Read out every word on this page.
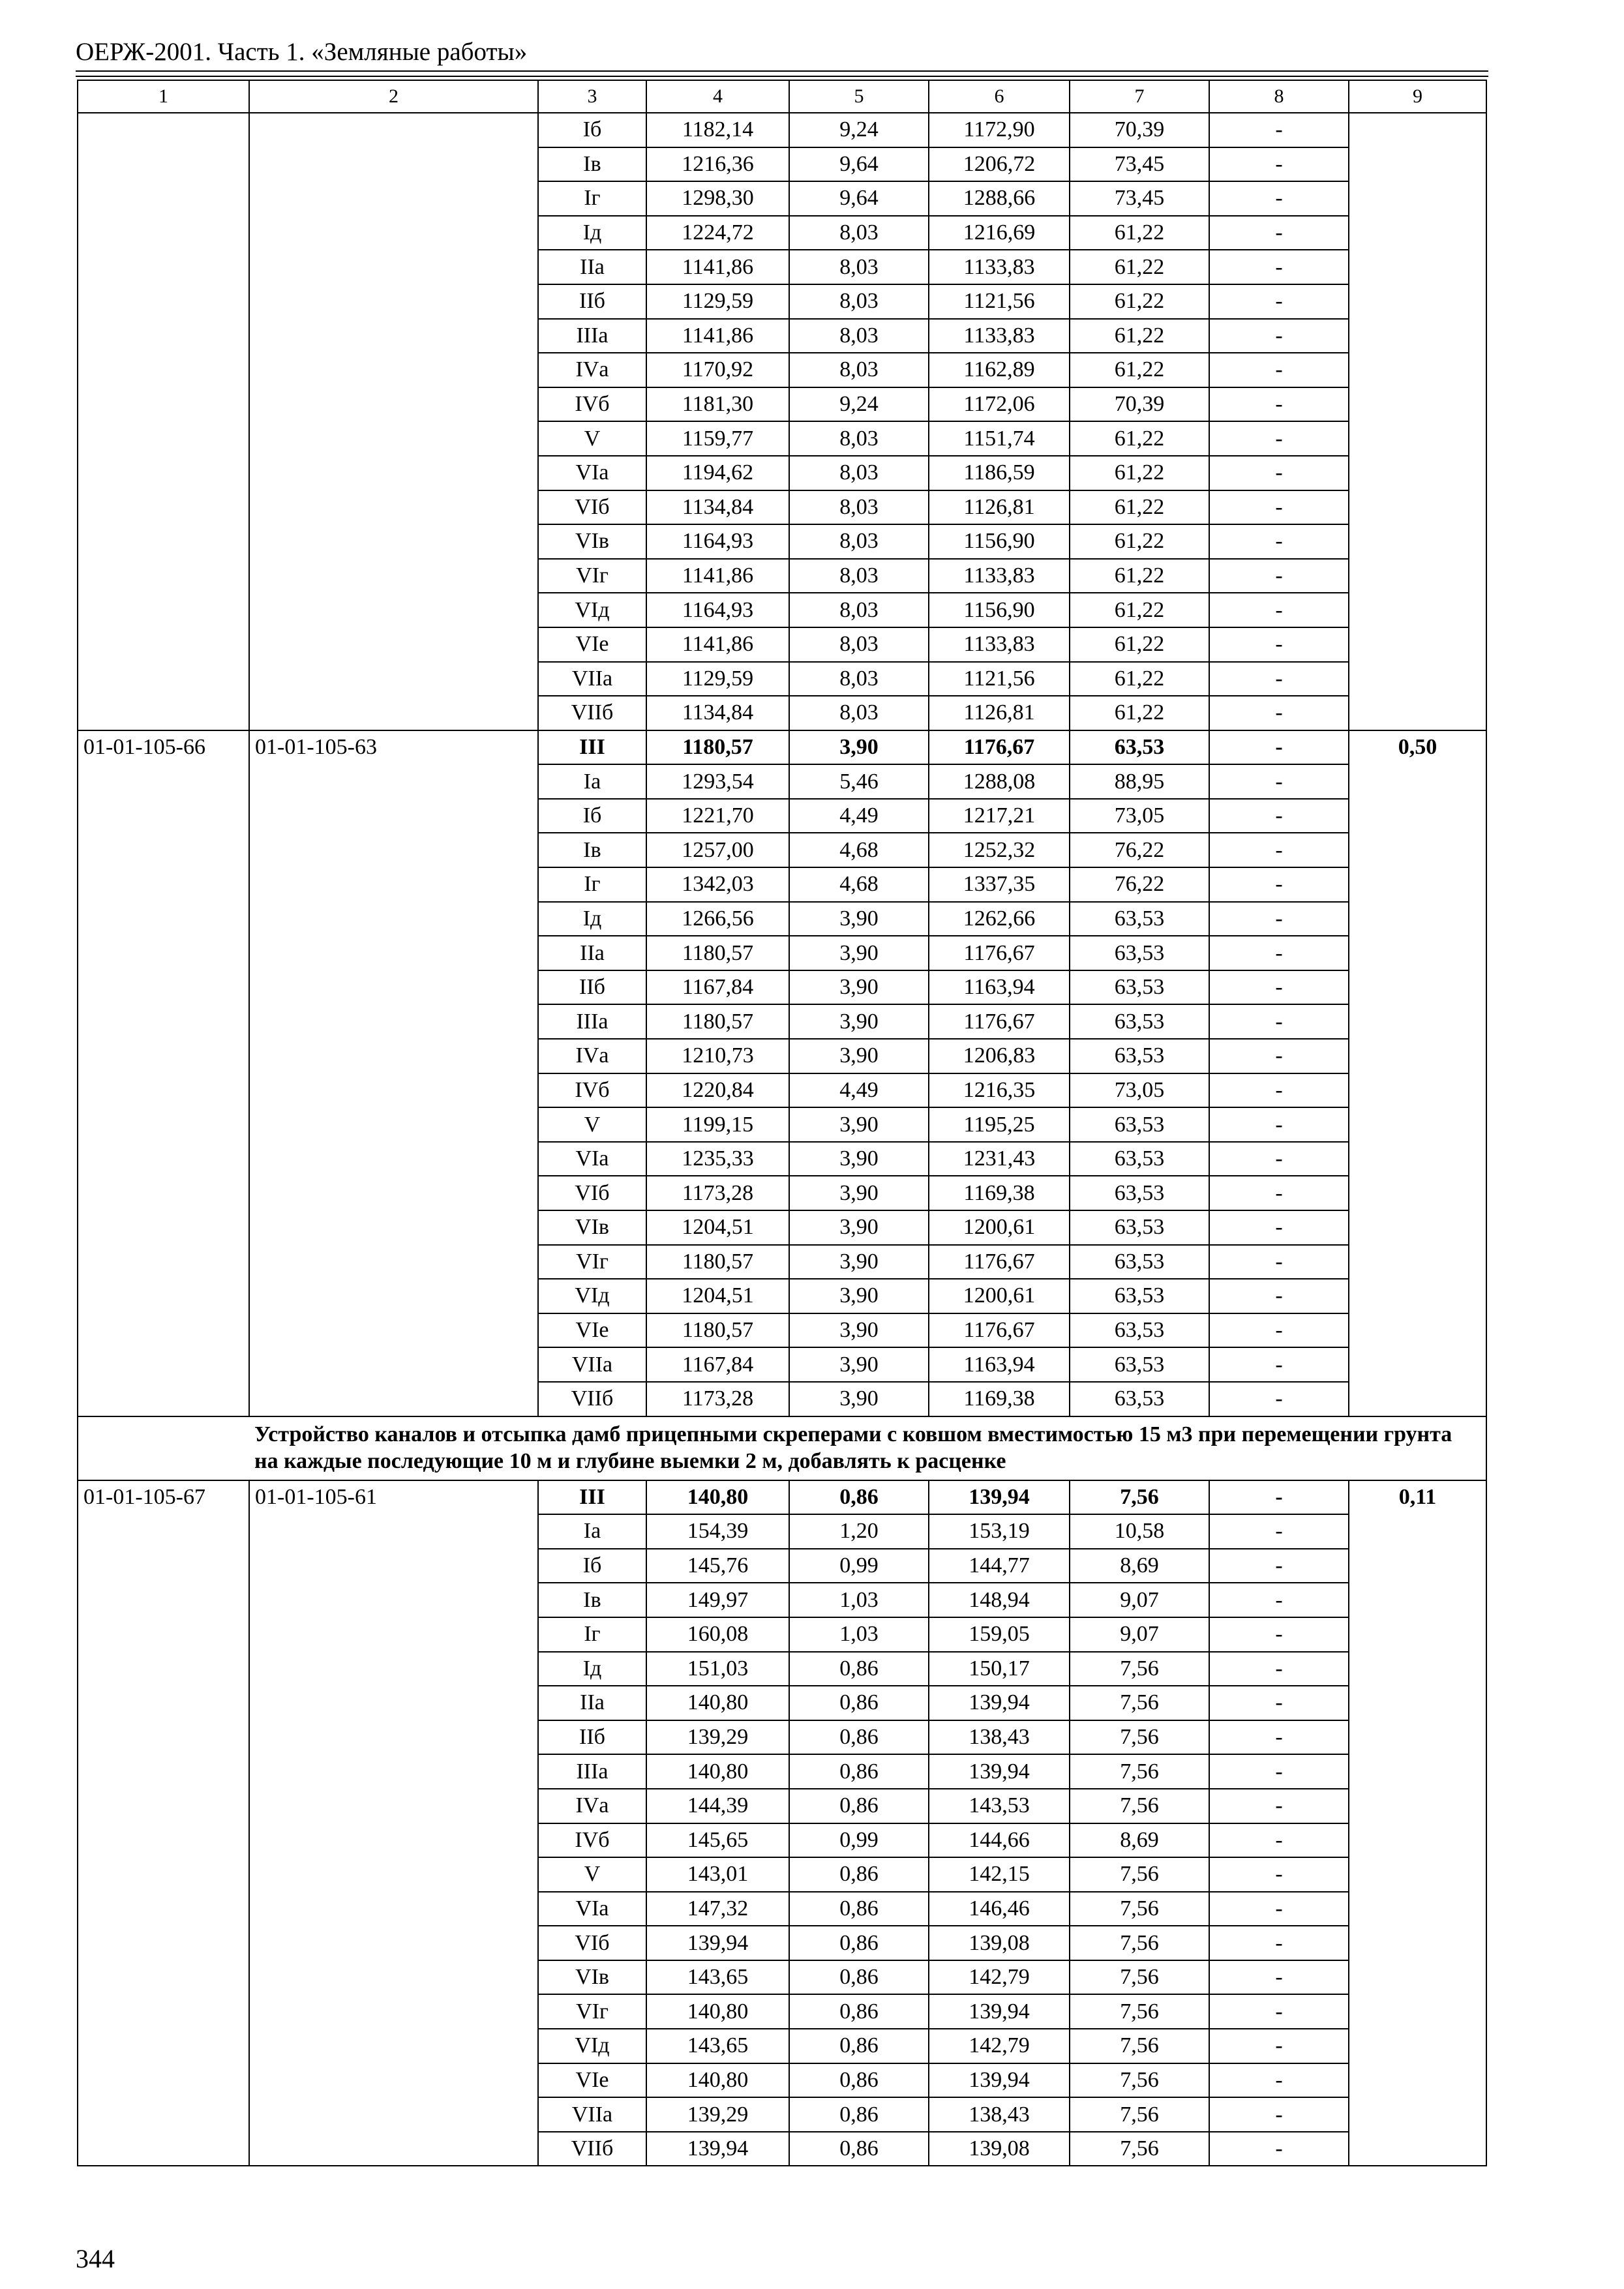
ОЕРЖ-2001. Часть 1. «Земляные работы»
1	2	3	4	5	6	7	8	9
		Iб	1182,14	9,24	1172,90	70,39	-	
		Iв	1216,36	9,64	1206,72	73,45	-	
		Iг	1298,30	9,64	1288,66	73,45	-	
		Iд	1224,72	8,03	1216,69	61,22	-	
		IIа	1141,86	8,03	1133,83	61,22	-	
		IIб	1129,59	8,03	1121,56	61,22	-	
		IIIа	1141,86	8,03	1133,83	61,22	-	
		IVа	1170,92	8,03	1162,89	61,22	-	
		IVб	1181,30	9,24	1172,06	70,39	-	
		V	1159,77	8,03	1151,74	61,22	-	
		VIа	1194,62	8,03	1186,59	61,22	-	
		VIб	1134,84	8,03	1126,81	61,22	-	
		VIв	1164,93	8,03	1156,90	61,22	-	
		VIг	1141,86	8,03	1133,83	61,22	-	
		VIд	1164,93	8,03	1156,90	61,22	-	
		VIе	1141,86	8,03	1133,83	61,22	-	
		VIIа	1129,59	8,03	1121,56	61,22	-	
		VIIб	1134,84	8,03	1126,81	61,22	-	
01-01-105-66	01-01-105-63	III	1180,57	3,90	1176,67	63,53	-	0,50
		Iа	1293,54	5,46	1288,08	88,95	-	
		Iб	1221,70	4,49	1217,21	73,05	-	
		Iв	1257,00	4,68	1252,32	76,22	-	
		Iг	1342,03	4,68	1337,35	76,22	-	
		Iд	1266,56	3,90	1262,66	63,53	-	
		IIа	1180,57	3,90	1176,67	63,53	-	
		IIб	1167,84	3,90	1163,94	63,53	-	
		IIIа	1180,57	3,90	1176,67	63,53	-	
		IVа	1210,73	3,90	1206,83	63,53	-	
		IVб	1220,84	4,49	1216,35	73,05	-	
		V	1199,15	3,90	1195,25	63,53	-	
		VIа	1235,33	3,90	1231,43	63,53	-	
		VIб	1173,28	3,90	1169,38	63,53	-	
		VIв	1204,51	3,90	1200,61	63,53	-	
		VIг	1180,57	3,90	1176,67	63,53	-	
		VIд	1204,51	3,90	1200,61	63,53	-	
		VIе	1180,57	3,90	1176,67	63,53	-	
		VIIа	1167,84	3,90	1163,94	63,53	-	
		VIIб	1173,28	3,90	1169,38	63,53	-	
	Устройство каналов и отсыпка дамб прицепными скреперами с ковшом вместимостью 15 м3 при перемещении грунта на каждые последующие 10 м и глубине выемки 2 м, добавлять к расценке							
01-01-105-67	01-01-105-61	III	140,80	0,86	139,94	7,56	-	0,11
		Iа	154,39	1,20	153,19	10,58	-	
		Iб	145,76	0,99	144,77	8,69	-	
		Iв	149,97	1,03	148,94	9,07	-	
		Iг	160,08	1,03	159,05	9,07	-	
		Iд	151,03	0,86	150,17	7,56	-	
		IIа	140,80	0,86	139,94	7,56	-	
		IIб	139,29	0,86	138,43	7,56	-	
		IIIа	140,80	0,86	139,94	7,56	-	
		IVа	144,39	0,86	143,53	7,56	-	
		IVб	145,65	0,99	144,66	8,69	-	
		V	143,01	0,86	142,15	7,56	-	
		VIа	147,32	0,86	146,46	7,56	-	
		VIб	139,94	0,86	139,08	7,56	-	
		VIв	143,65	0,86	142,79	7,56	-	
		VIг	140,80	0,86	139,94	7,56	-	
		VIд	143,65	0,86	142,79	7,56	-	
		VIе	140,80	0,86	139,94	7,56	-	
		VIIа	139,29	0,86	138,43	7,56	-	
		VIIб	139,94	0,86	139,08	7,56	-	
344
